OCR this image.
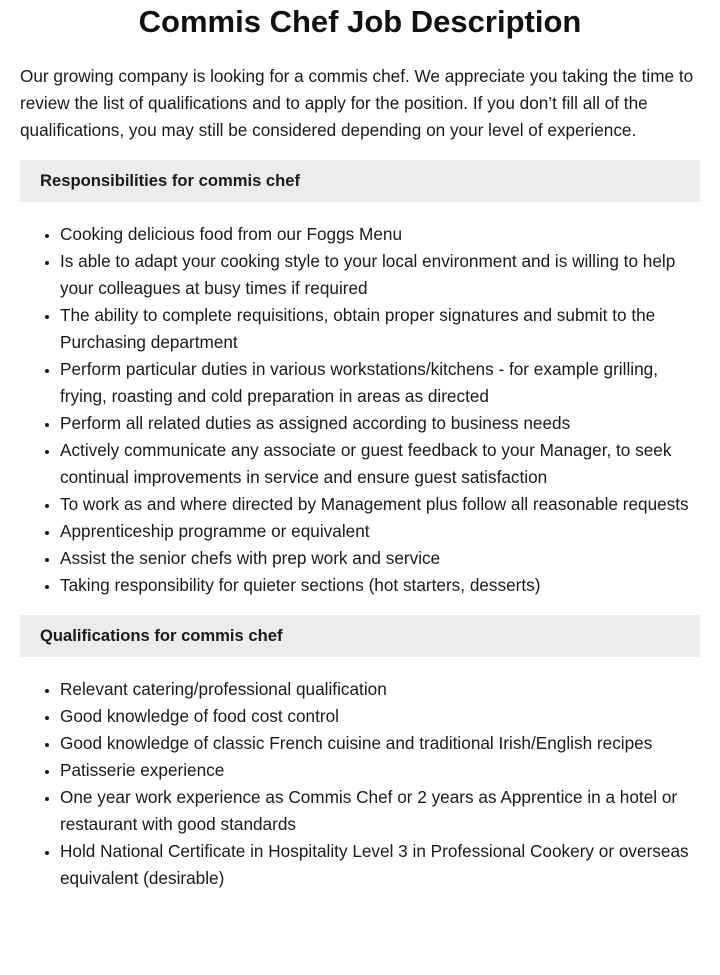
Commis Chef Job Description

Our growing company is looking for a commis chef. We appreciate you taking the time to review the list of qualifications and to apply for the position. If you don’t fill all of the qualifications, you may still be considered depending on your level of experience.

Responsibilities for commis chef
• Cooking delicious food from our Foggs Menu
• Is able to adapt your cooking style to your local environment and is willing to help your colleagues at busy times if required
• The ability to complete requisitions, obtain proper signatures and submit to the Purchasing department
• Perform particular duties in various workstations/kitchens - for example grilling, frying, roasting and cold preparation in areas as directed
• Perform all related duties as assigned according to business needs
• Actively communicate any associate or guest feedback to your Manager, to seek continual improvements in service and ensure guest satisfaction
• To work as and where directed by Management plus follow all reasonable requests
• Apprenticeship programme or equivalent
• Assist the senior chefs with prep work and service
• Taking responsibility for quieter sections (hot starters, desserts)
Qualifications for commis chef
• Relevant catering/professional qualification
• Good knowledge of food cost control
• Good knowledge of classic French cuisine and traditional Irish/English recipes
• Patisserie experience
• One year work experience as Commis Chef or 2 years as Apprentice in a hotel or restaurant with good standards
• Hold National Certificate in Hospitality Level 3 in Professional Cookery or overseas equivalent (desirable)
